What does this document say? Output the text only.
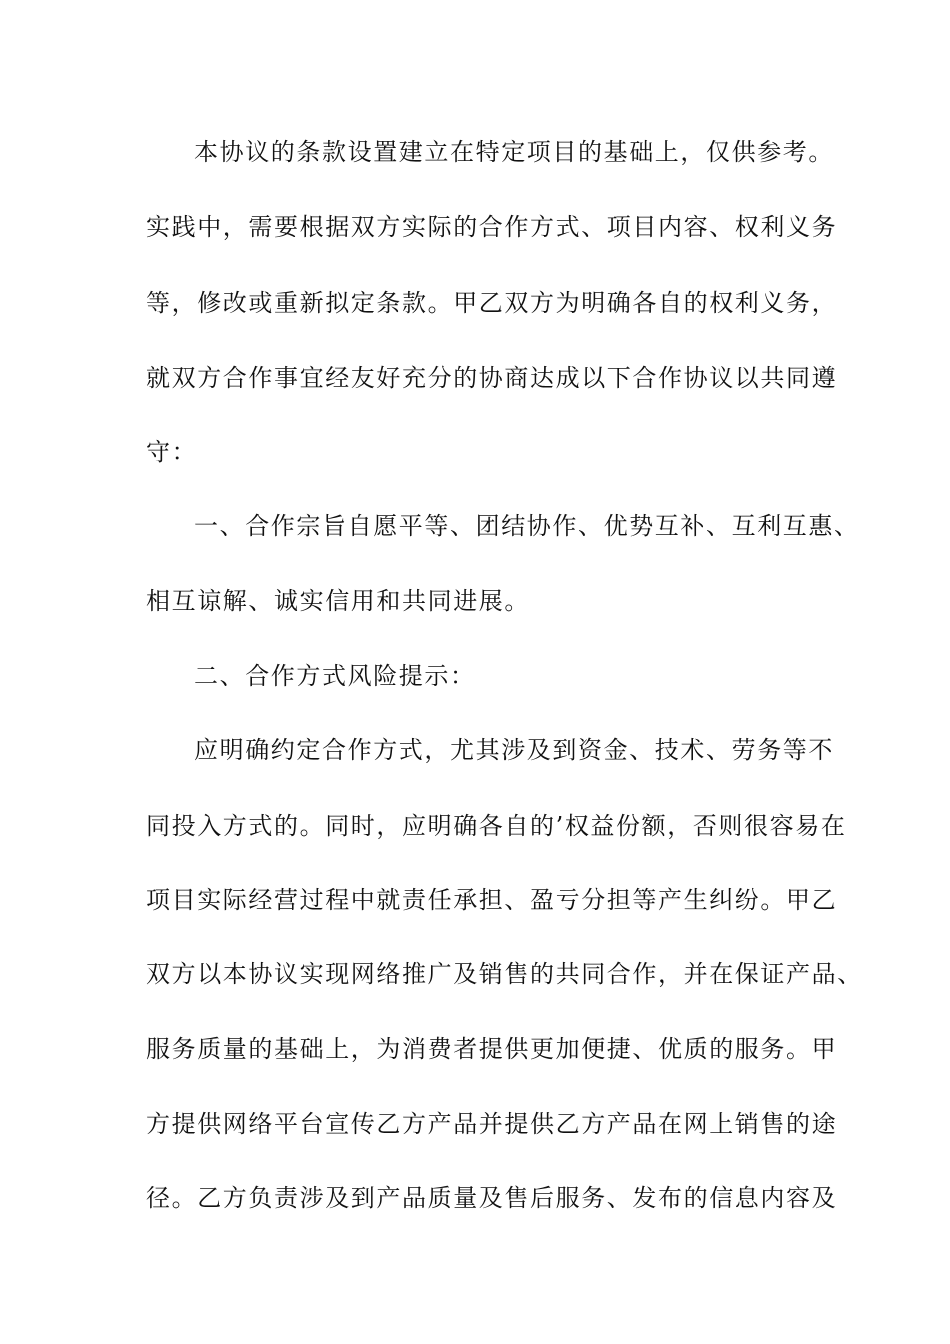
本协议的条款设置建立在特定项目的基础上，仅供参考。
实践中，需要根据双方实际的合作方式、项目内容、权利义务
等，修改或重新拟定条款。甲乙双方为明确各自的权利义务，
就双方合作事宜经友好充分的协商达成以下合作协议以共同遵
守：
一、合作宗旨自愿平等、团结协作、优势互补、互利互惠、
相互谅解、诚实信用和共同进展。
二、合作方式风险提示：
应明确约定合作方式，尤其涉及到资金、技术、劳务等不
同投入方式的。同时，应明确各自的’权益份额，否则很容易在
项目实际经营过程中就责任承担、盈亏分担等产生纠纷。甲乙
双方以本协议实现网络推广及销售的共同合作，并在保证产品、
服务质量的基础上，为消费者提供更加便捷、优质的服务。甲
方提供网络平台宣传乙方产品并提供乙方产品在网上销售的途
径。乙方负责涉及到产品质量及售后服务、发布的信息内容及
